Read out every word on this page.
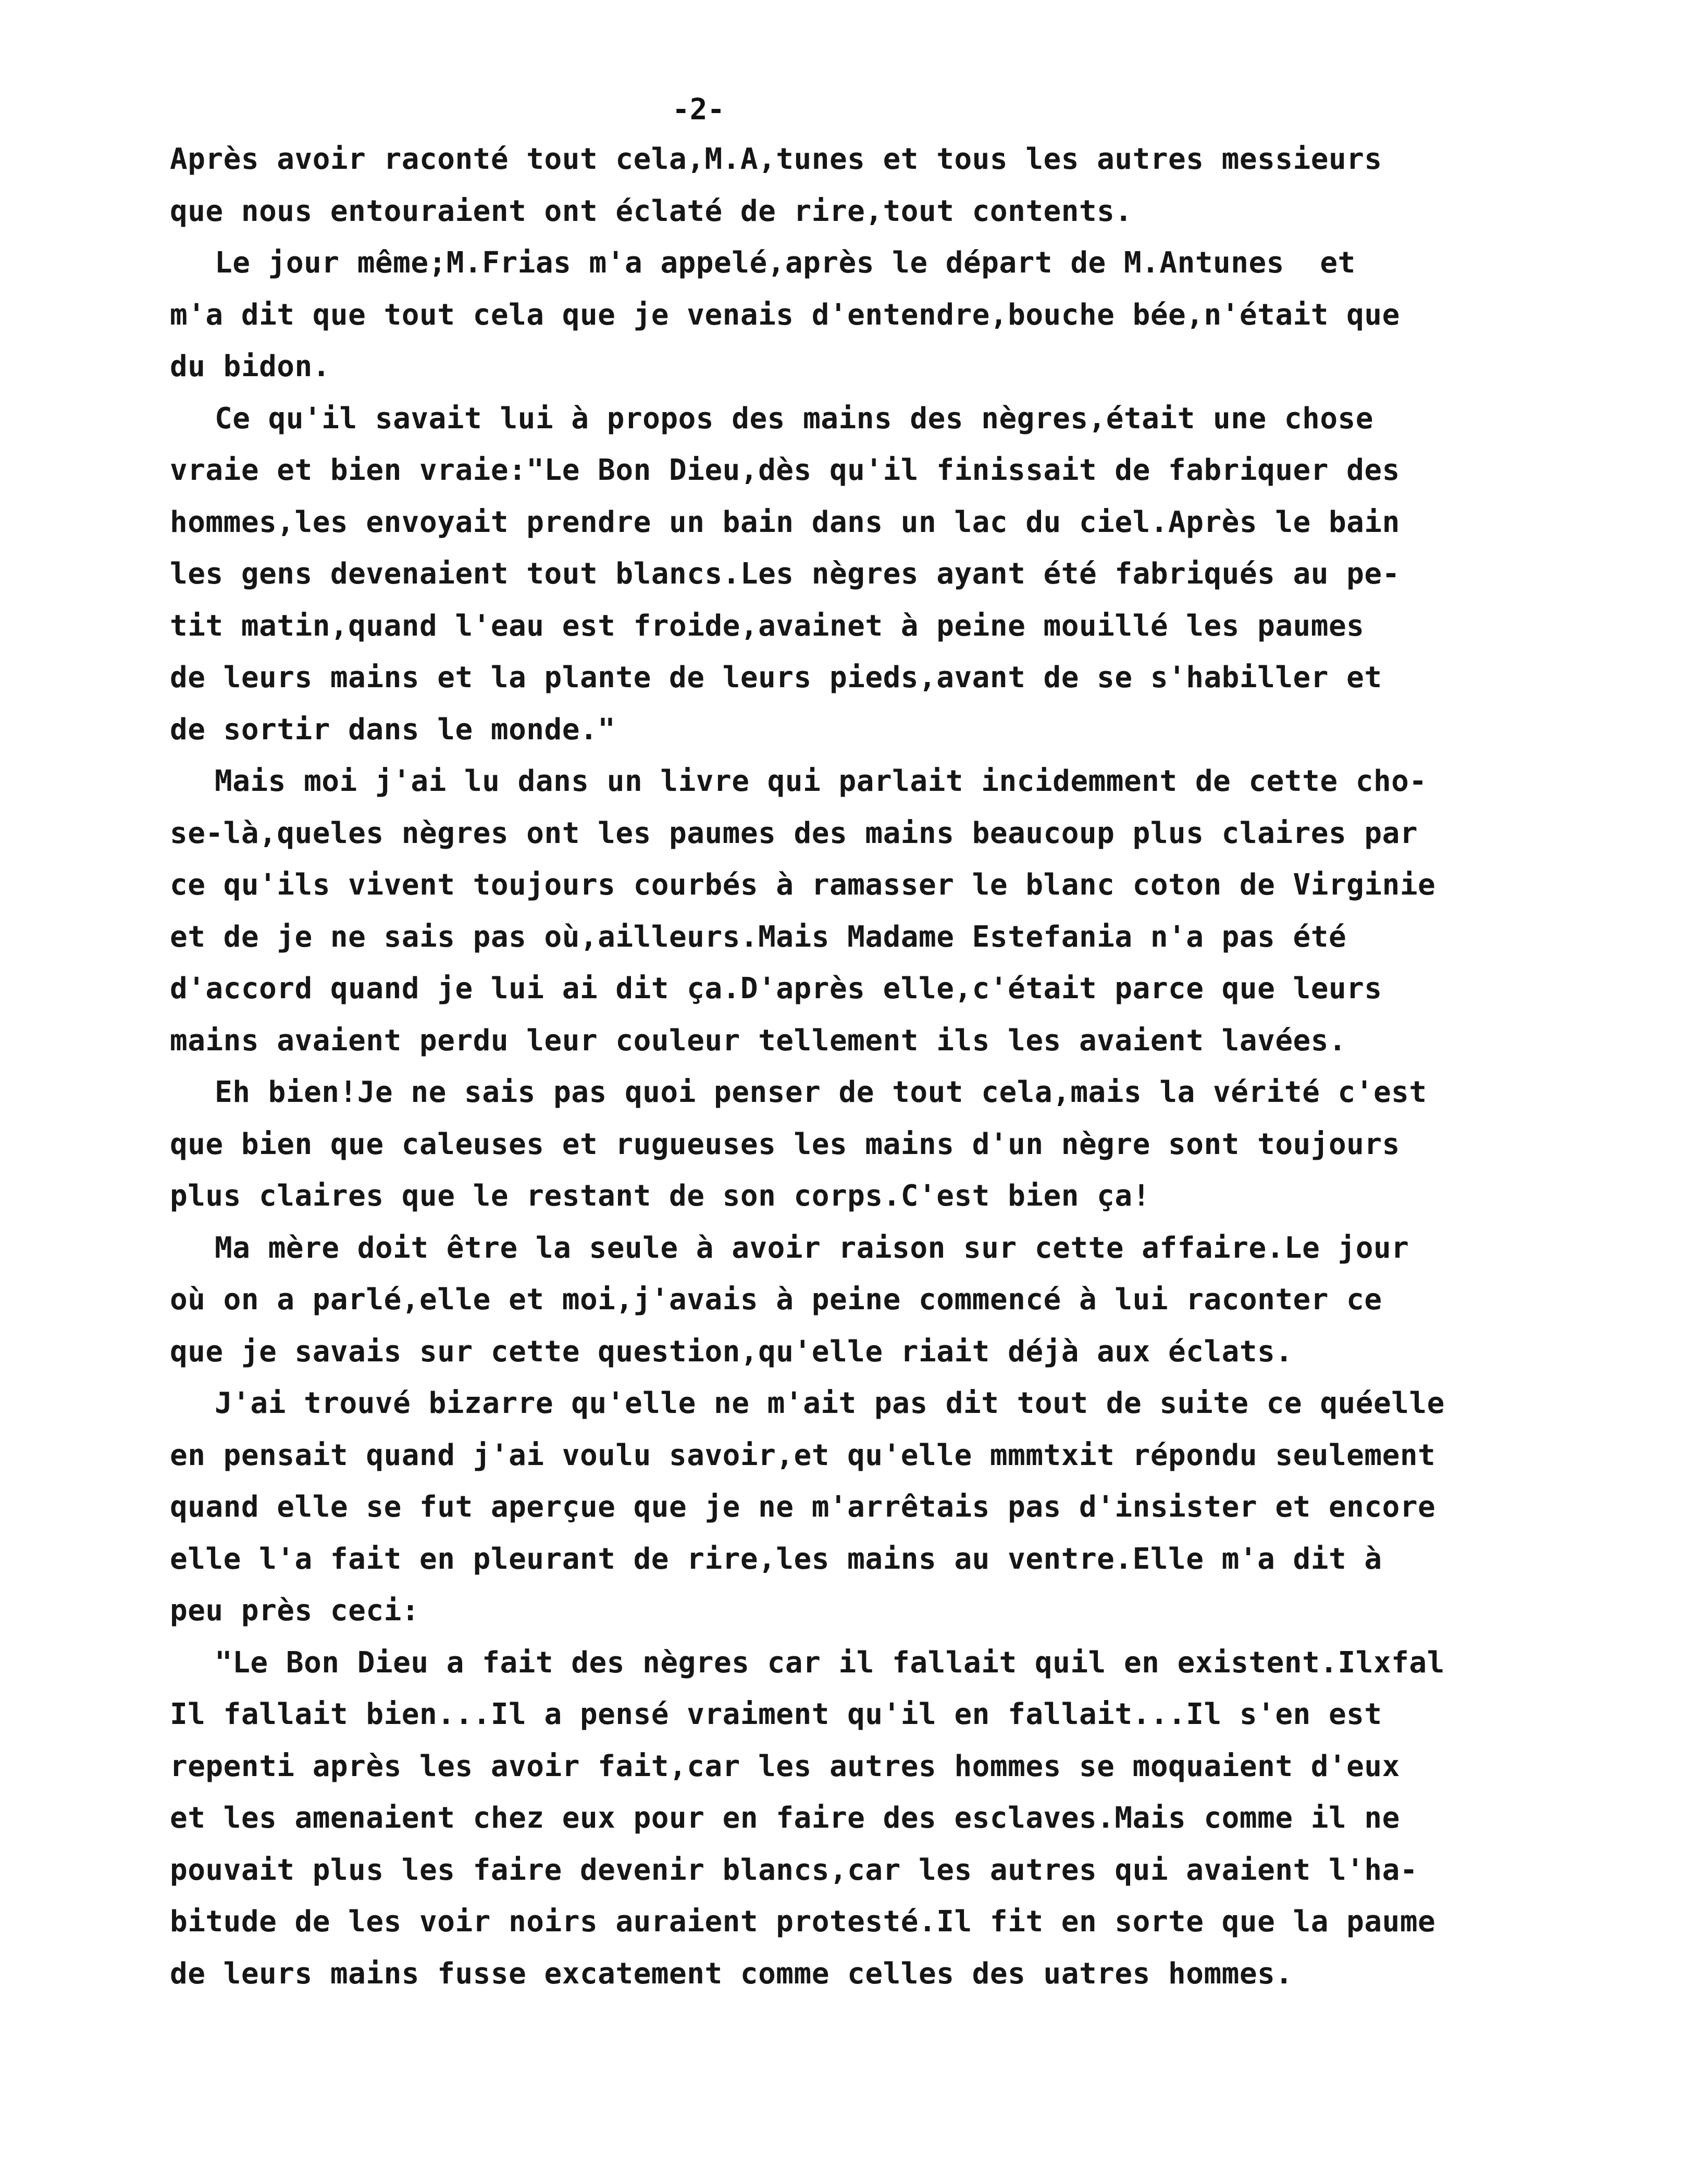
-2-
Après avoir raconté tout cela,M.A,tunes et tous les autres messieurs
que nous entouraient ont éclaté de rire,tout contents.
Le jour même;M.Frias m'a appelé,après le départ de M.Antunes  et
m'a dit que tout cela que je venais d'entendre,bouche bée,n'était que
du bidon.
Ce qu'il savait lui à propos des mains des nègres,était une chose
vraie et bien vraie:"Le Bon Dieu,dès qu'il finissait de fabriquer des
hommes,les envoyait prendre un bain dans un lac du ciel.Après le bain
les gens devenaient tout blancs.Les nègres ayant été fabriqués au pe-
tit matin,quand l'eau est froide,avainet à peine mouillé les paumes
de leurs mains et la plante de leurs pieds,avant de se s'habiller et
de sortir dans le monde."
Mais moi j'ai lu dans un livre qui parlait incidemment de cette cho-
se-là,queles nègres ont les paumes des mains beaucoup plus claires par
ce qu'ils vivent toujours courbés à ramasser le blanc coton de Virginie
et de je ne sais pas où,ailleurs.Mais Madame Estefania n'a pas été
d'accord quand je lui ai dit ça.D'après elle,c'était parce que leurs
mains avaient perdu leur couleur tellement ils les avaient lavées.
Eh bien!Je ne sais pas quoi penser de tout cela,mais la vérité c'est
que bien que caleuses et rugueuses les mains d'un nègre sont toujours
plus claires que le restant de son corps.C'est bien ça!
Ma mère doit être la seule à avoir raison sur cette affaire.Le jour
où on a parlé,elle et moi,j'avais à peine commencé à lui raconter ce
que je savais sur cette question,qu'elle riait déjà aux éclats.
J'ai trouvé bizarre qu'elle ne m'ait pas dit tout de suite ce quéelle
en pensait quand j'ai voulu savoir,et qu'elle mmmtxit répondu seulement
quand elle se fut aperçue que je ne m'arrêtais pas d'insister et encore
elle l'a fait en pleurant de rire,les mains au ventre.Elle m'a dit à
peu près ceci:
"Le Bon Dieu a fait des nègres car il fallait quil en existent.Ilxfal
Il fallait bien...Il a pensé vraiment qu'il en fallait...Il s'en est
repenti après les avoir fait,car les autres hommes se moquaient d'eux
et les amenaient chez eux pour en faire des esclaves.Mais comme il ne
pouvait plus les faire devenir blancs,car les autres qui avaient l'ha-
bitude de les voir noirs auraient protesté.Il fit en sorte que la paume
de leurs mains fusse excatement comme celles des uatres hommes.
